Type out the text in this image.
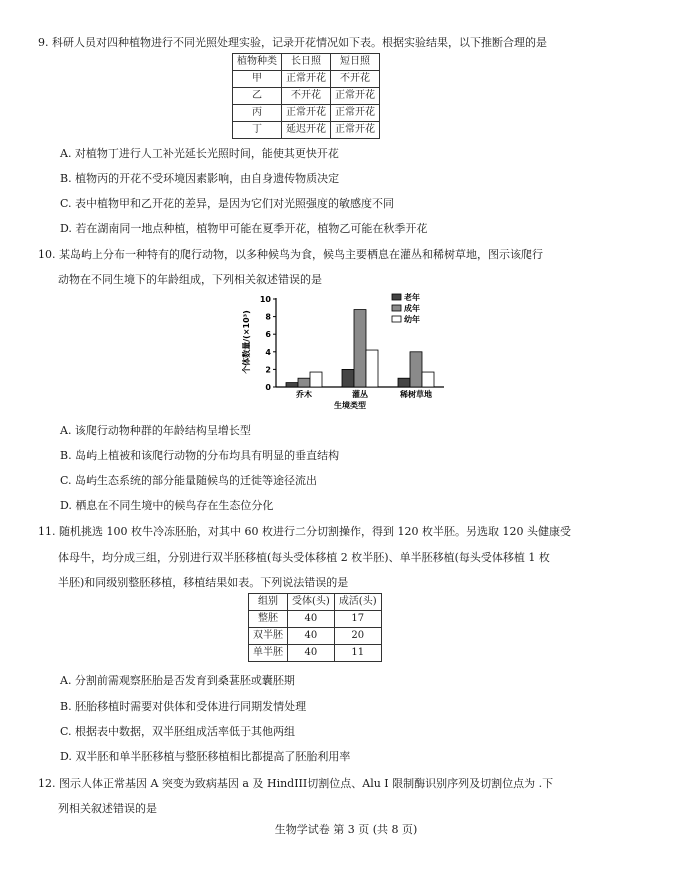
9. 科研人员对四种植物进行不同光照处理实验，记录开花情况如下表。根据实验结果，以下推断合理的是

植物种类	长日照	短日照
甲	正常开花	不开花
乙	不开花	正常开花
丙	正常开花	正常开花
丁	延迟开花	正常开花

A. 对植物丁进行人工补光延长光照时间，能使其更快开花

B. 植物丙的开花不受环境因素影响，由自身遗传物质决定

C. 表中植物甲和乙开花的差异，是因为它们对光照强度的敏感度不同

D. 若在湖南同一地点种植，植物甲可能在夏季开花，植物乙可能在秋季开花

10. 某岛屿上分布一种特有的爬行动物，以多种候鸟为食，候鸟主要栖息在灌丛和稀树草地，图示该爬行

动物在不同生境下的年龄组成，下列相关叙述错误的是

个体数量/(×10³)
0
2
4
6
8
10
乔木	灌丛	稀树草地
生境类型
老年
成年
幼年

A. 该爬行动物种群的年龄结构呈增长型

B. 岛屿上植被和该爬行动物的分布均具有明显的垂直结构

C. 岛屿生态系统的部分能量随候鸟的迁徙等途径流出

D. 栖息在不同生境中的候鸟存在生态位分化

11. 随机挑选 100 枚牛冷冻胚胎，对其中 60 枚进行二分切割操作，得到 120 枚半胚。另选取 120 头健康受

体母牛，均分成三组，分别进行双半胚移植(每头受体移植 2 枚半胚)、单半胚移植(每头受体移植 1 枚

半胚)和同级别整胚移植，移植结果如表。下列说法错误的是

组别	受体(头)	成活(头)
整胚	40	17
双半胚	40	20
单半胚	40	11

A. 分割前需观察胚胎是否发育到桑葚胚或囊胚期

B. 胚胎移植时需要对供体和受体进行同期发情处理

C. 根据表中数据，双半胚组成活率低于其他两组

D. 双半胚和单半胚移植与整胚移植相比都提高了胚胎利用率

12. 图示人体正常基因 A 突变为致病基因 a 及 HindIII切割位点、Alu I 限制酶识别序列及切割位点为 .下

列相关叙述错误的是

生物学试卷 第 3 页 (共 8 页)
